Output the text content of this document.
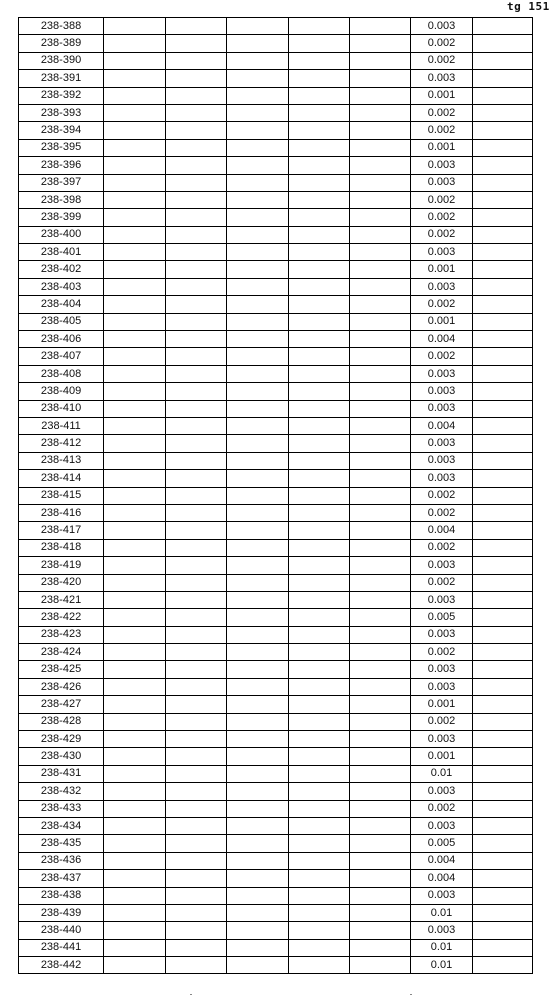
tg 151
238-388						0.003	
238-389						0.002	
238-390						0.002	
238-391						0.003	
238-392						0.001	
238-393						0.002	
238-394						0.002	
238-395						0.001	
238-396						0.003	
238-397						0.003	
238-398						0.002	
238-399						0.002	
238-400						0.002	
238-401						0.003	
238-402						0.001	
238-403						0.003	
238-404						0.002	
238-405						0.001	
238-406						0.004	
238-407						0.002	
238-408						0.003	
238-409						0.003	
238-410						0.003	
238-411						0.004	
238-412						0.003	
238-413						0.003	
238-414						0.003	
238-415						0.002	
238-416						0.002	
238-417						0.004	
238-418						0.002	
238-419						0.003	
238-420						0.002	
238-421						0.003	
238-422						0.005	
238-423						0.003	
238-424						0.002	
238-425						0.003	
238-426						0.003	
238-427						0.001	
238-428						0.002	
238-429						0.003	
238-430						0.001	
238-431						0.01	
238-432						0.003	
238-433						0.002	
238-434						0.003	
238-435						0.005	
238-436						0.004	
238-437						0.004	
238-438						0.003	
238-439						0.01	
238-440						0.003	
238-441						0.01	
238-442						0.01	
